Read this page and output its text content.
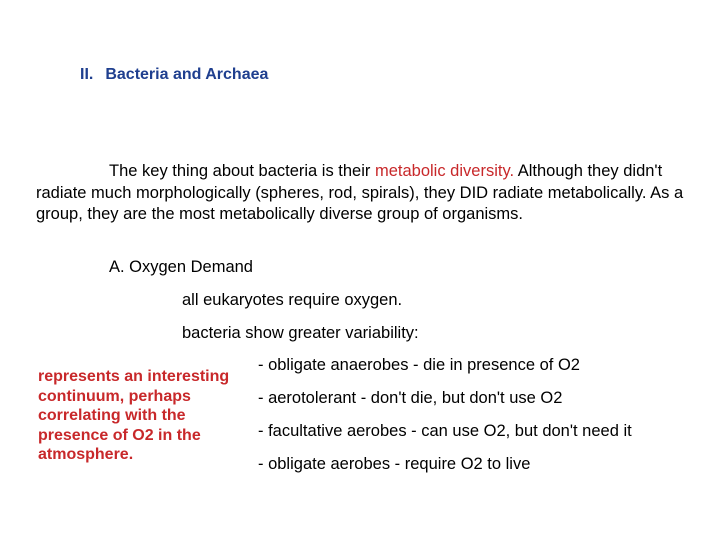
II. Bacteria and Archaea
The key thing about bacteria is their metabolic diversity. Although they didn't radiate much morphologically (spheres, rod, spirals), they DID radiate metabolically. As a group, they are the most metabolically diverse group of organisms.
A. Oxygen Demand
all eukaryotes require oxygen.
bacteria show greater variability:
represents an interesting
continuum, perhaps
correlating with the
presence of O2 in the
atmosphere.
- obligate anaerobes - die in presence of O2
- aerotolerant - don't die, but don't use O2
- facultative aerobes - can use O2, but don't need it
- obligate aerobes - require O2 to live
